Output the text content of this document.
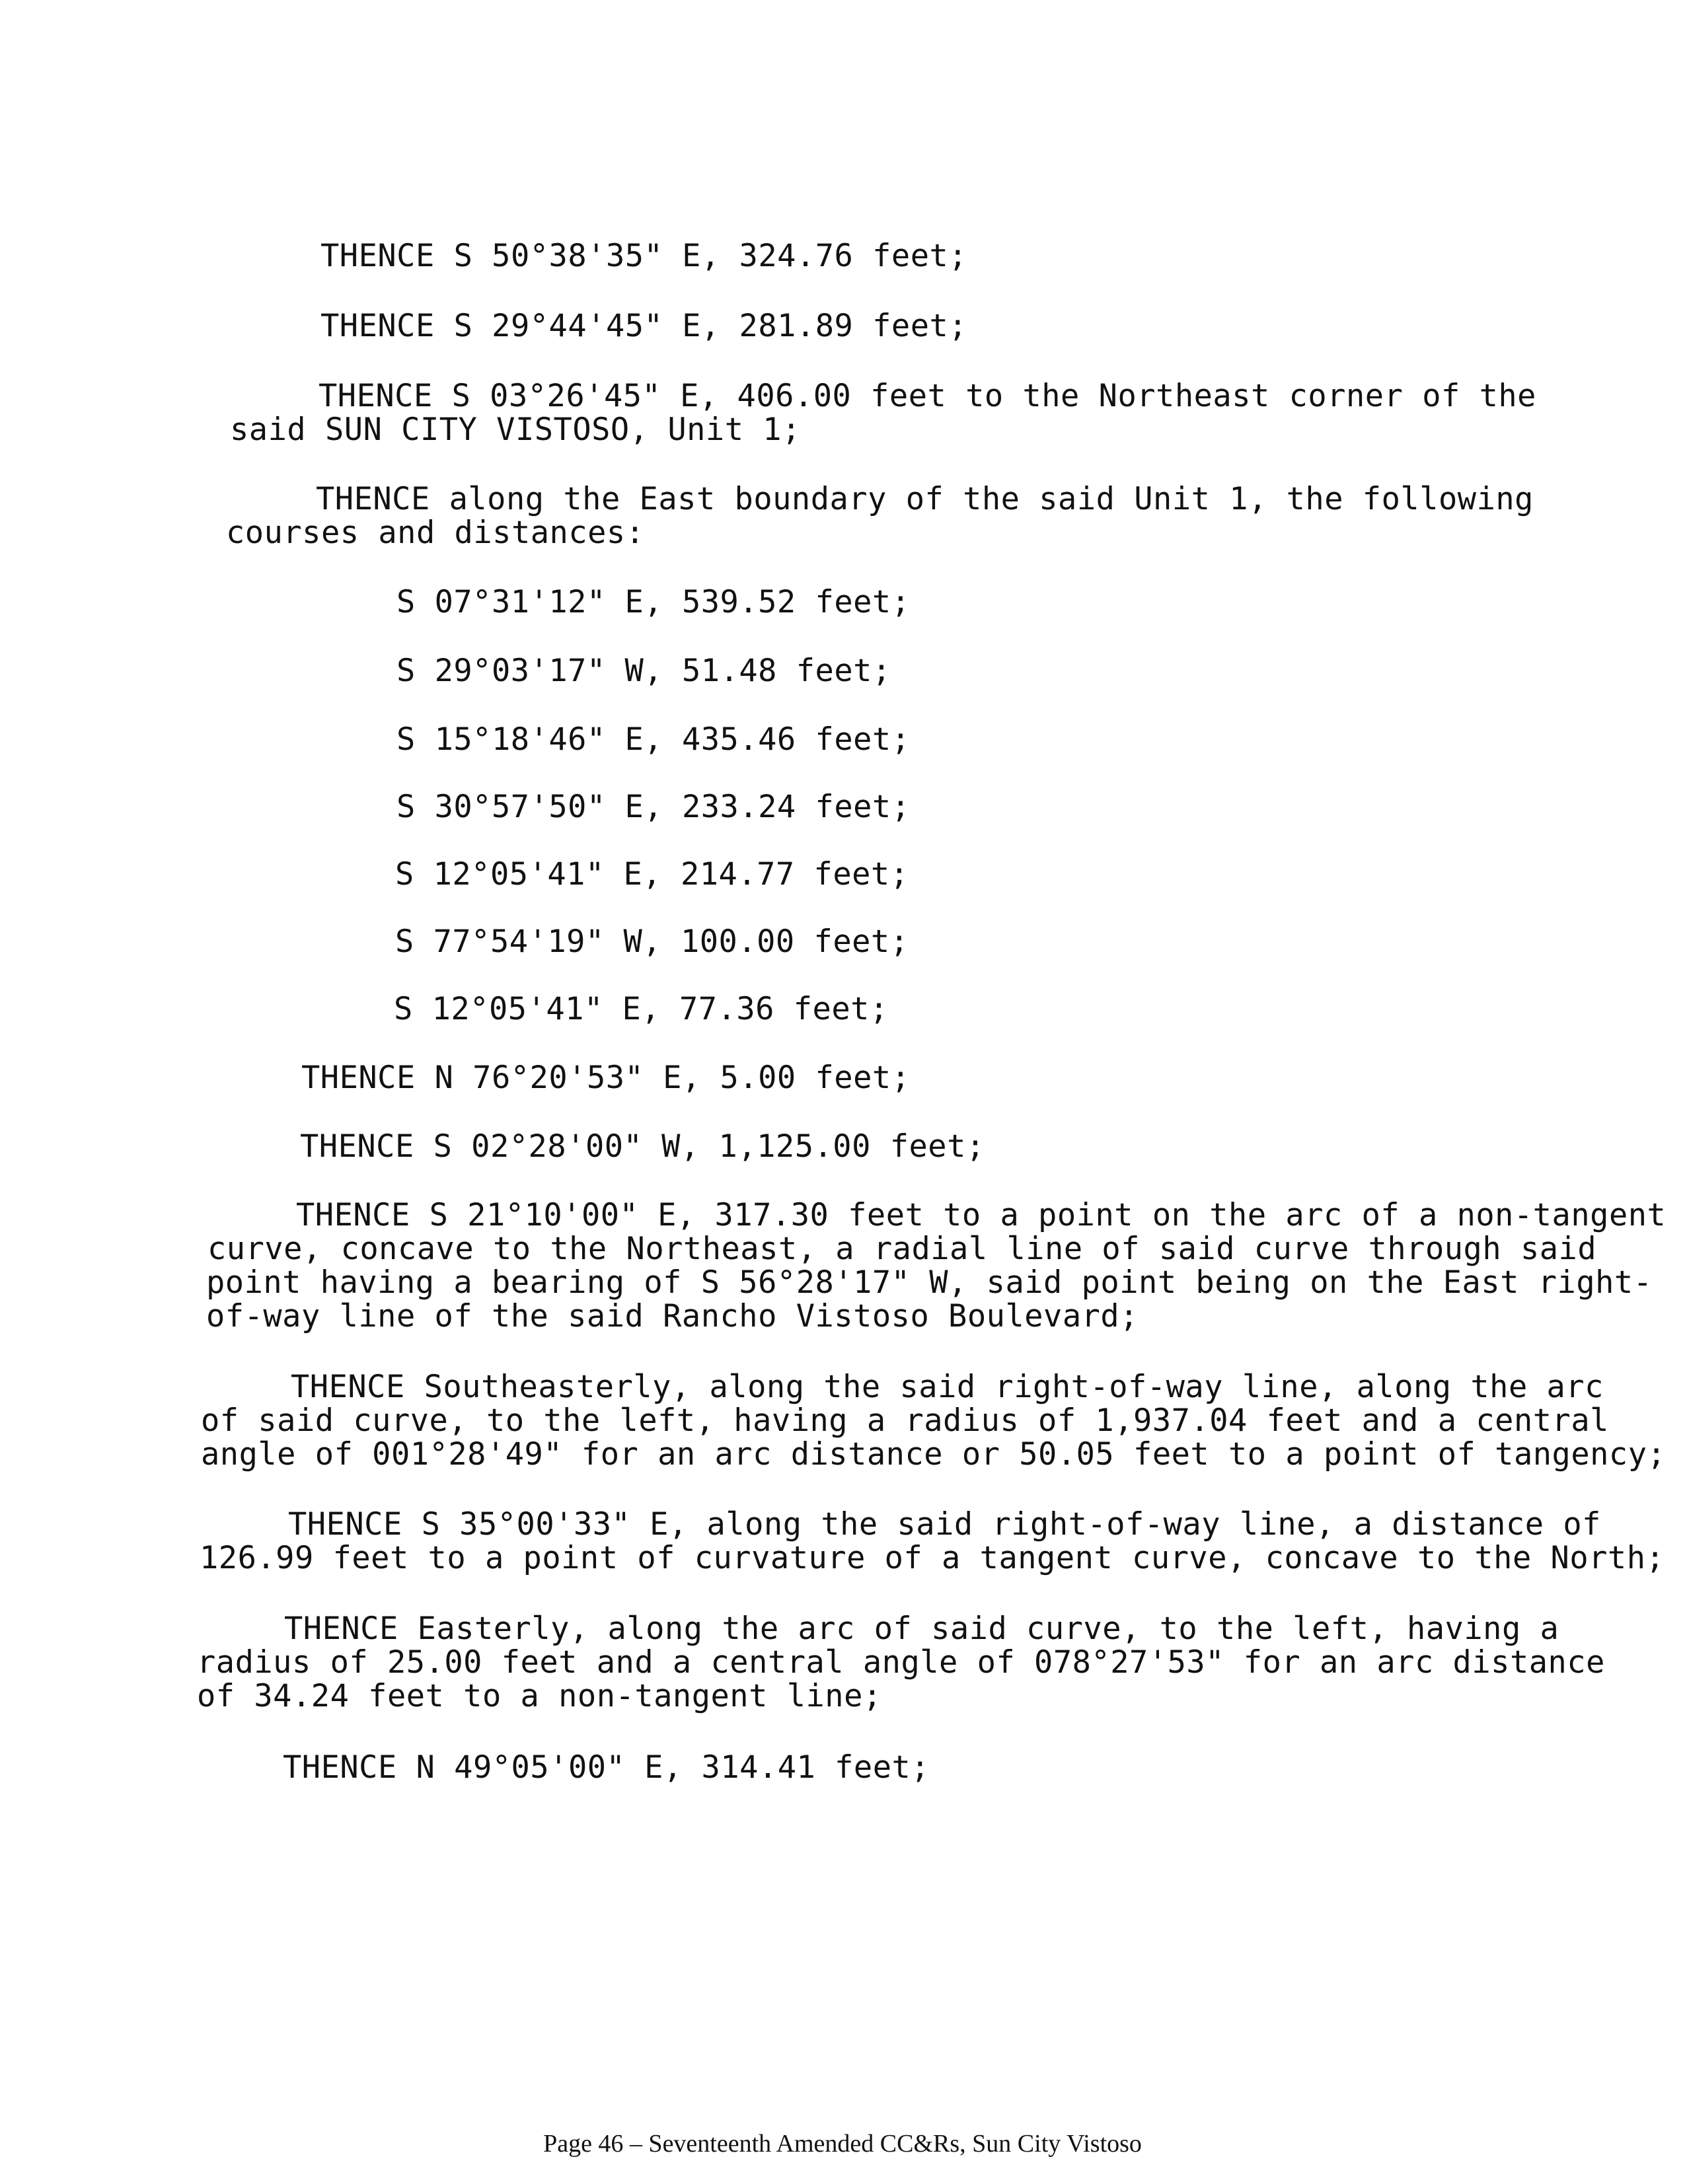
THENCE S 50°38'35" E, 324.76 feet;
THENCE S 29°44'45" E, 281.89 feet;
THENCE S 03°26'45" E, 406.00 feet to the Northeast corner of the
said SUN CITY VISTOSO, Unit 1;
THENCE along the East boundary of the said Unit 1, the following
courses and distances:
S 07°31'12" E, 539.52 feet;
S 29°03'17" W, 51.48 feet;
S 15°18'46" E, 435.46 feet;
S 30°57'50" E, 233.24 feet;
S 12°05'41" E, 214.77 feet;
S 77°54'19" W, 100.00 feet;
S 12°05'41" E, 77.36 feet;
THENCE N 76°20'53" E, 5.00 feet;
THENCE S 02°28'00" W, 1,125.00 feet;
THENCE S 21°10'00" E, 317.30 feet to a point on the arc of a non-tangent
curve, concave to the Northeast, a radial line of said curve through said
point having a bearing of S 56°28'17" W, said point being on the East right-
of-way line of the said Rancho Vistoso Boulevard;
THENCE Southeasterly, along the said right-of-way line, along the arc
of said curve, to the left, having a radius of 1,937.04 feet and a central
angle of 001°28'49" for an arc distance or 50.05 feet to a point of tangency;
THENCE S 35°00'33" E, along the said right-of-way line, a distance of
126.99 feet to a point of curvature of a tangent curve, concave to the North;
THENCE Easterly, along the arc of said curve, to the left, having a
radius of 25.00 feet and a central angle of 078°27'53" for an arc distance
of 34.24 feet to a non-tangent line;
THENCE N 49°05'00" E, 314.41 feet;
Page 46 – Seventeenth Amended CC&Rs, Sun City Vistoso
